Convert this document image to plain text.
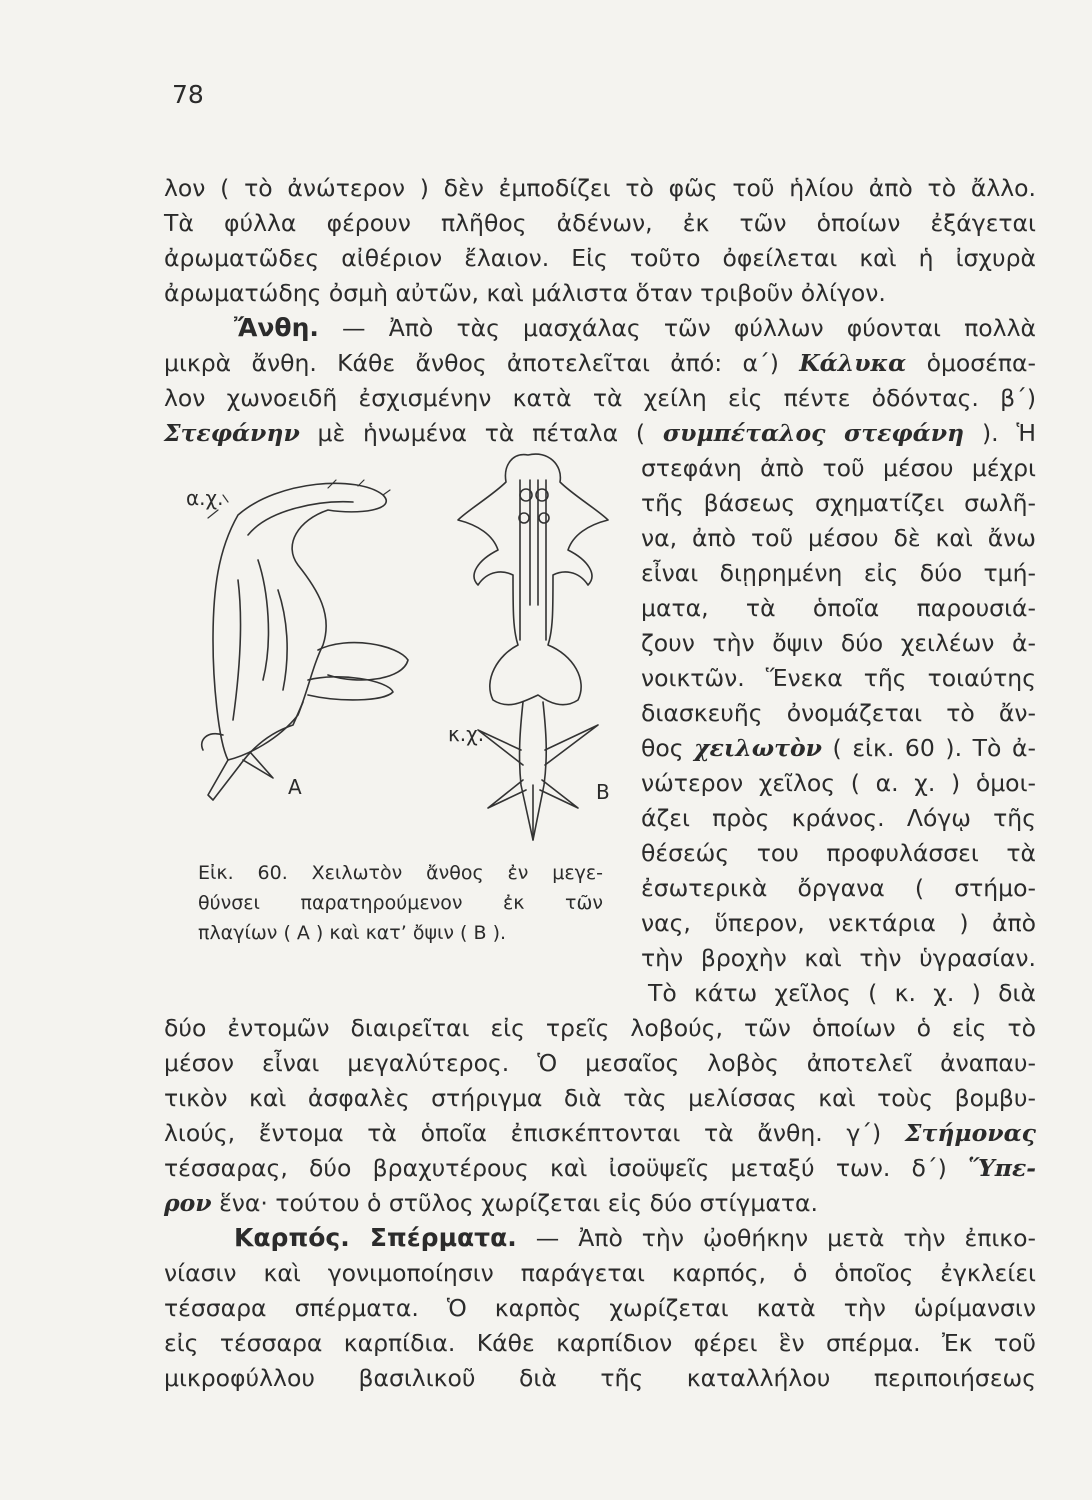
78
λον ( τὸ ἀνώτερον ) δὲν ἐμποδίζει τὸ φῶς τοῦ ἡλίου ἀπὸ τὸ ἄλλο.
Τὰ φύλλα φέρουν πλῆθος ἀδένων, ἐκ τῶν ὁποίων ἐξάγεται
ἀρωματῶδες αἰθέριον ἔλαιον. Εἰς τοῦτο ὀφείλεται καὶ ἡ ἰσχυρὰ
ἀρωματώδης ὀσμὴ αὐτῶν, καὶ μάλιστα ὅταν τριβοῦν ὀλίγον.
Ἄνθη. — Ἀπὸ τὰς μασχάλας τῶν φύλλων φύονται πολλὰ
μικρὰ ἄνθη. Κάθε ἄνθος ἀποτελεῖται ἀπό: α΄) Κάλυκα ὁμοσέπα-
λον χωνοειδῆ ἐσχισμένην κατὰ τὰ χείλη εἰς πέντε ὀδόντας. β΄)
Στεφάνην μὲ ἡνωμένα τὰ πέταλα ( συμπέταλος στεφάνη ). Ἡ
στεφάνη ἀπὸ τοῦ μέσου μέχρι
τῆς βάσεως σχηματίζει σωλῆ-
να, ἀπὸ τοῦ μέσου δὲ καὶ ἄνω
εἶναι διῃρημένη εἰς δύο τμή-
ματα, τὰ ὁποῖα παρουσιά-
ζουν τὴν ὄψιν δύο χειλέων ἀ-
νοικτῶν. Ἕνεκα τῆς τοιαύτης
διασκευῆς ὀνομάζεται τὸ ἄν-
θος χειλωτὸν ( εἰκ. 60 ). Τὸ ἀ-
νώτερον χεῖλος ( α. χ. ) ὁμοι-
άζει πρὸς κράνος. Λόγῳ τῆς
θέσεώς του προφυλάσσει τὰ
ἐσωτερικὰ ὄργανα ( στήμο-
νας, ὕπερον, νεκτάρια ) ἀπὸ
τὴν βροχὴν καὶ τὴν ὑγρασίαν.
α.χ.
κ.χ.
Α	Β
Εἰκ. 60. Χειλωτὸν ἄνθος ἐν μεγε-
θύνσει παρατηρούμενον ἐκ τῶν
πλαγίων ( Α ) καὶ κατ’ ὄψιν ( Β ).
Τὸ κάτω χεῖλος ( κ. χ. ) διὰ
δύο ἐντομῶν διαιρεῖται εἰς τρεῖς λοβούς, τῶν ὁποίων ὁ εἰς τὸ
μέσον εἶναι μεγαλύτερος. Ὁ μεσαῖος λοβὸς ἀποτελεῖ ἀναπαυ-
τικὸν καὶ ἀσφαλὲς στήριγμα διὰ τὰς μελίσσας καὶ τοὺς βομβυ-
λιούς, ἔντομα τὰ ὁποῖα ἐπισκέπτονται τὰ ἄνθη. γ΄) Στήμονας
τέσσαρας, δύο βραχυτέρους καὶ ἰσοϋψεῖς μεταξύ των. δ΄) Ὕπε-
ρον ἕνα· τούτου ὁ στῦλος χωρίζεται εἰς δύο στίγματα.
Καρπός. Σπέρματα. — Ἀπὸ τὴν ᾠοθήκην μετὰ τὴν ἐπικο-
νίασιν καὶ γονιμοποίησιν παράγεται καρπός, ὁ ὁποῖος ἐγκλείει
τέσσαρα σπέρματα. Ὁ καρπὸς χωρίζεται κατὰ τὴν ὡρίμανσιν
εἰς τέσσαρα καρπίδια. Κάθε καρπίδιον φέρει ἓν σπέρμα. Ἐκ τοῦ
μικροφύλλου βασιλικοῦ διὰ τῆς καταλλήλου περιποιήσεως
